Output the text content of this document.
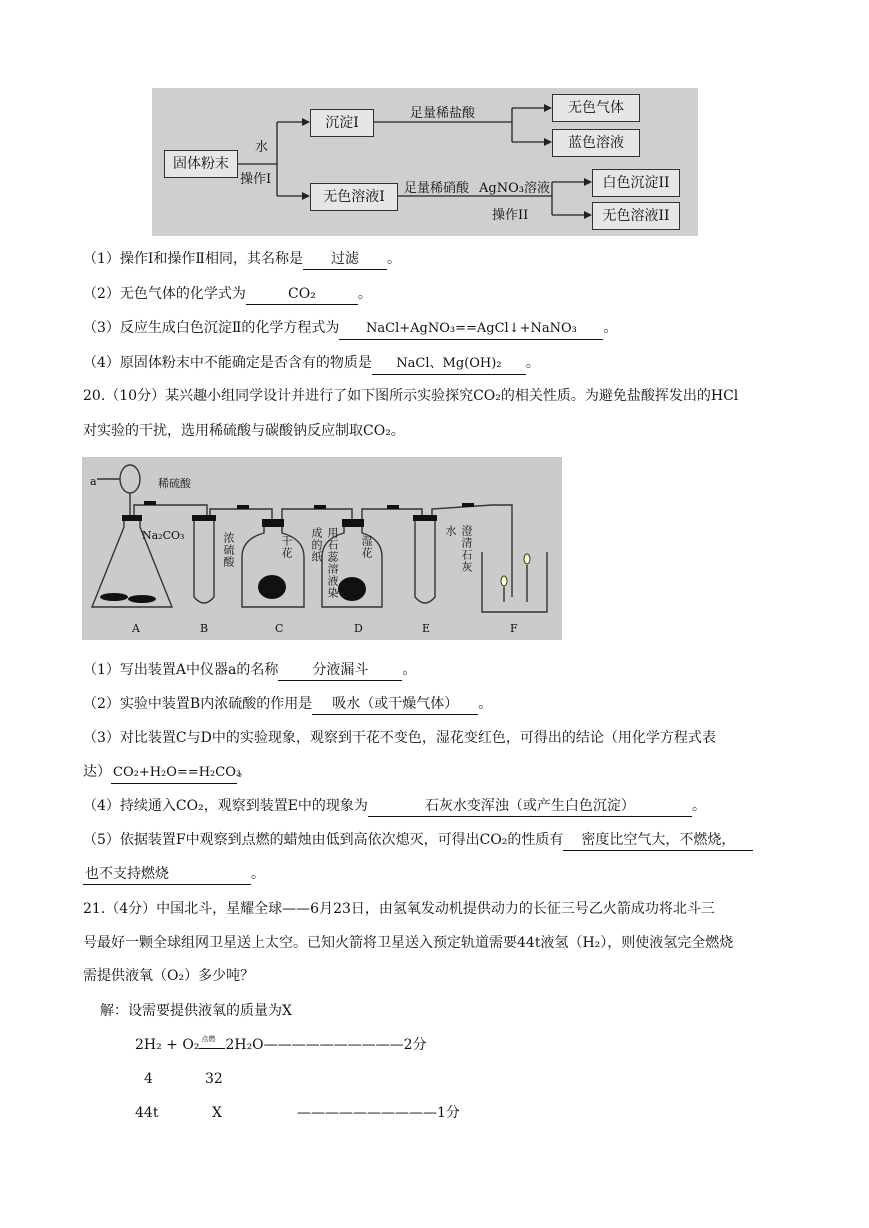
固体粉末
水
操作I
沉淀I
足量稀盐酸	无色气体
蓝色溶液
无色溶液I
足量稀硝酸 AgNO₃溶液
操作II
白色沉淀II
无色溶液II
（1）操作Ⅰ和操作Ⅱ相同，其名称是 过滤 。
（2）无色气体的化学式为	CO₂	。
（3）反应生成白色沉淀Ⅱ的化学方程式为 NaCl+AgNO₃==AgCl↓+NaNO₃ 。
（4）原固体粉末中不能确定是否含有的物质是 NaCl、Mg(OH)₂ 。
20.（10分）某兴趣小组同学设计并进行了如下图所示实验探究CO₂的相关性质。为避免盐酸挥发出的HCl
对实验的干扰，选用稀硫酸与碳酸钠反应制取CO₂。
a	稀硫酸
Na₂CO₃	浓硫酸	干花	用石蕊溶液染成的纸	湿花	澄清石灰水
A	B	C	D	E	F
（1）写出装置A中仪器a的名称 分液漏斗 。
（2）实验中装置B内浓硫酸的作用是 吸水（或干燥气体） 。
（3）对比装置C与D中的实验现象，观察到干花不变色，湿花变红色，可得出的结论（用化学方程式表
达） CO₂+H₂O==H₂CO₃。
（4）持续通入CO₂，观察到装置E中的现象为	石灰水变浑浊（或产生白色沉淀）	。
（5）依据装置F中观察到点燃的蜡烛由低到高依次熄灭，可得出CO₂的性质有 密度比空气大，不燃烧，
也不支持燃烧	。
21.（4分）中国北斗，星耀全球——6月23日，由氢氧发动机提供动力的长征三号乙火箭成功将北斗三
号最好一颗全球组网卫星送上太空。已知火箭将卫星送入预定轨道需要44t液氢（H₂），则使液氢完全燃烧
需提供液氧（O₂）多少吨？
解：设需要提供液氧的质量为X
2H₂ + O₂ 点燃 2H₂O——————————2分
4	32
44t	X	——————————1分
